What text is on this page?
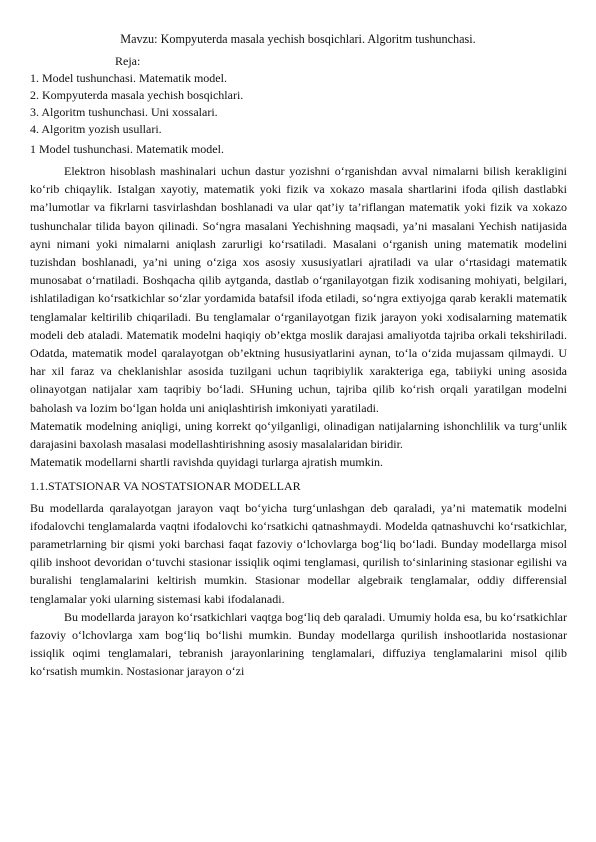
Mavzu: Kompyuterda masala yechish bosqichlari. Algoritm tushunchasi.
Reja:
1. Model tushunchasi. Matematik model.
2. Kompyuterda masala yechish bosqichlari.
3. Algoritm tushunchasi. Uni xossalari.
4. Algoritm yozish usullari.
1 Model tushunchasi. Matematik model.

Elektron hisoblash mashinalari uchun dastur yozishni o‘rganishdan avval nimalarni bilish kerakligini ko‘rib chiqaylik. Istalgan xayotiy, matematik yoki fizik va xokazo masala shartlarini ifoda qilish dastlabki ma’lumotlar va fikrlarni tasvirlashdan boshlanadi va ular qat’iy ta’riflangan matematik yoki fizik va xokazo tushunchalar tilida bayon qilinadi. So‘ngra masalani Yechishning maqsadi, ya’ni masalani Yechish natijasida ayni nimani yoki nimalarni aniqlash zarurligi ko‘rsatiladi. Masalani o‘rganish uning matematik modelini tuzishdan boshlanadi, ya’ni uning o‘ziga xos asosiy xususiyatlari ajratiladi va ular o‘rtasidagi matematik munosabat o‘rnatiladi. Boshqacha qilib aytganda, dastlab o‘rganilayotgan fizik xodisaning mohiyati, belgilari, ishlatiladigan ko‘rsatkichlar so‘zlar yordamida batafsil ifoda etiladi, so‘ngra extiyojga qarab kerakli matematik tenglamalar keltirilib chiqariladi. Bu tenglamalar o‘rganilayotgan fizik jarayon yoki xodisalarning matematik modeli deb ataladi. Matematik modelni haqiqiy ob’ektga moslik darajasi amaliyotda tajriba orkali tekshiriladi. Odatda, matematik model qaralayotgan ob’ektning hususiyatlarini aynan, to‘la o‘zida mujassam qilmaydi. U har xil faraz va cheklanishlar asosida tuzilgani uchun taqribiylik xarakteriga ega, tabiiyki uning asosida olinayotgan natijalar xam taqribiy bo‘ladi. SHuning uchun, tajriba qilib ko‘rish orqali yaratilgan modelni baholash va lozim bo‘lgan holda uni aniqlashtirish imkoniyati yaratiladi.

Matematik modelning aniqligi, uning korrekt qo‘yilganligi, olinadigan natijalarning ishonchlilik va turg‘unlik darajasini baxolash masalasi modellashtirishning asosiy masalalaridan biridir.

Matematik modellarni shartli ravishda quyidagi turlarga ajratish mumkin.

1.1.STATSIONAR VA NOSTATSIONAR MODELLAR

Bu modellarda qaralayotgan jarayon vaqt bo‘yicha turg‘unlashgan deb qaraladi, ya’ni matematik modelni ifodalovchi tenglamalarda vaqtni ifodalovchi ko‘rsatkichi qatnashmaydi. Modelda qatnashuvchi ko‘rsatkichlar, parametrlarning bir qismi yoki barchasi faqat fazoviy o‘lchovlarga bog‘liq bo‘ladi. Bunday modellarga misol qilib inshoot devoridan o‘tuvchi stasionar issiqlik oqimi tenglamasi, qurilish to‘sinlarining stasionar egilishi va buralishi tenglamalarini keltirish mumkin. Stasionar modellar algebraik tenglamalar, oddiy differensial tenglamalar yoki ularning sistemasi kabi ifodalanadi.

Bu modellarda jarayon ko‘rsatkichlari vaqtga bog‘liq deb qaraladi. Umumiy holda esa, bu ko‘rsatkichlar fazoviy o‘lchovlarga xam bog‘liq bo‘lishi mumkin. Bunday modellarga qurilish inshootlarida nostasionar issiqlik oqimi tenglamalari, tebranish jarayonlarining tenglamalari, diffuziya tenglamalarini misol qilib ko‘rsatish mumkin. Nostasionar jarayon o‘zi
